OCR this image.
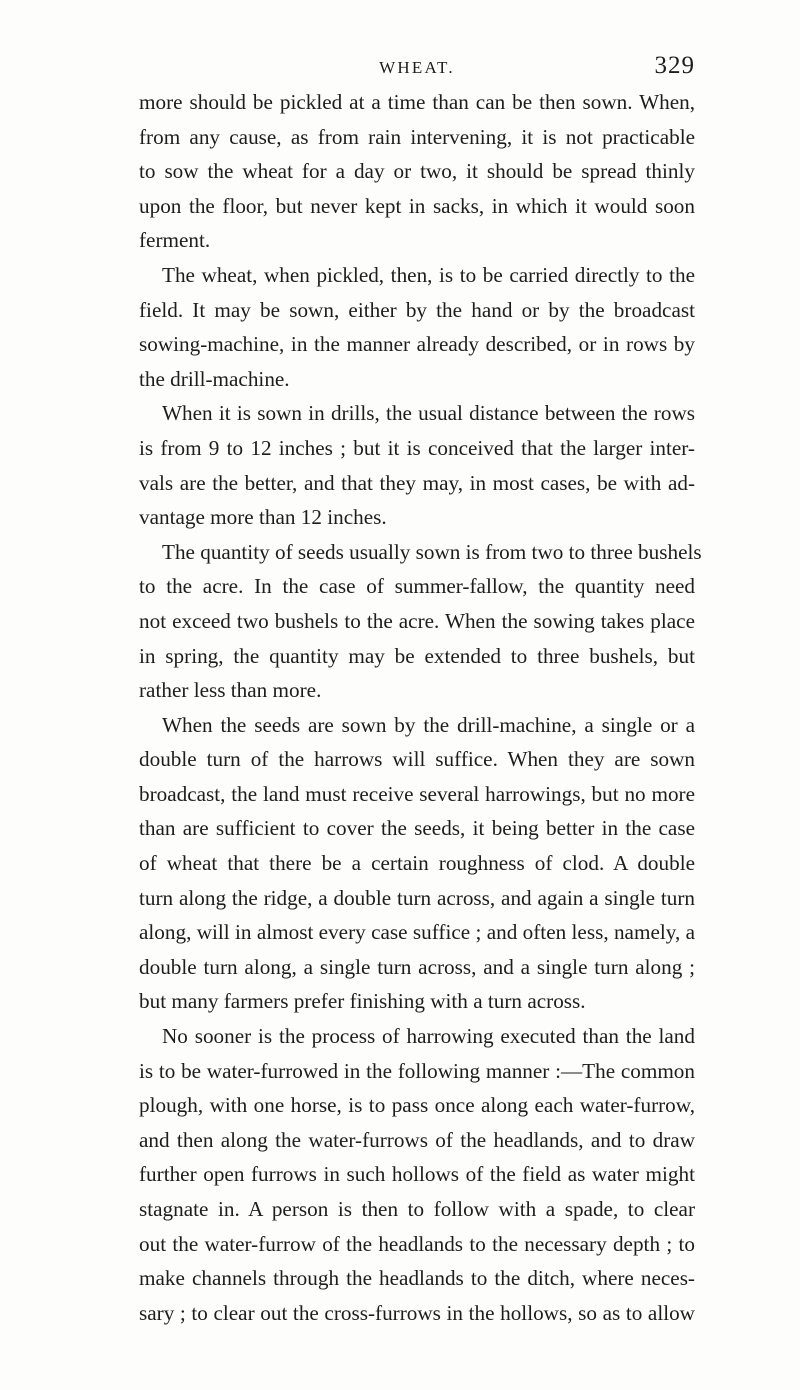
WHEAT.	329
more should be pickled at a time than can be then sown. When,
from any cause, as from rain intervening, it is not practicable
to sow the wheat for a day or two, it should be spread thinly
upon the floor, but never kept in sacks, in which it would soon
ferment.
The wheat, when pickled, then, is to be carried directly to the
field. It may be sown, either by the hand or by the broadcast
sowing-machine, in the manner already described, or in rows by
the drill-machine.
When it is sown in drills, the usual distance between the rows
is from 9 to 12 inches ; but it is conceived that the larger inter-
vals are the better, and that they may, in most cases, be with ad-
vantage more than 12 inches.
The quantity of seeds usually sown is from two to three bushels
to the acre. In the case of summer-fallow, the quantity need
not exceed two bushels to the acre. When the sowing takes place
in spring, the quantity may be extended to three bushels, but
rather less than more.
When the seeds are sown by the drill-machine, a single or a
double turn of the harrows will suffice. When they are sown
broadcast, the land must receive several harrowings, but no more
than are sufficient to cover the seeds, it being better in the case
of wheat that there be a certain roughness of clod. A double
turn along the ridge, a double turn across, and again a single turn
along, will in almost every case suffice ; and often less, namely, a
double turn along, a single turn across, and a single turn along ;
but many farmers prefer finishing with a turn across.
No sooner is the process of harrowing executed than the land
is to be water-furrowed in the following manner :—The common
plough, with one horse, is to pass once along each water-furrow,
and then along the water-furrows of the headlands, and to draw
further open furrows in such hollows of the field as water might
stagnate in. A person is then to follow with a spade, to clear
out the water-furrow of the headlands to the necessary depth ; to
make channels through the headlands to the ditch, where neces-
sary ; to clear out the cross-furrows in the hollows, so as to allow
